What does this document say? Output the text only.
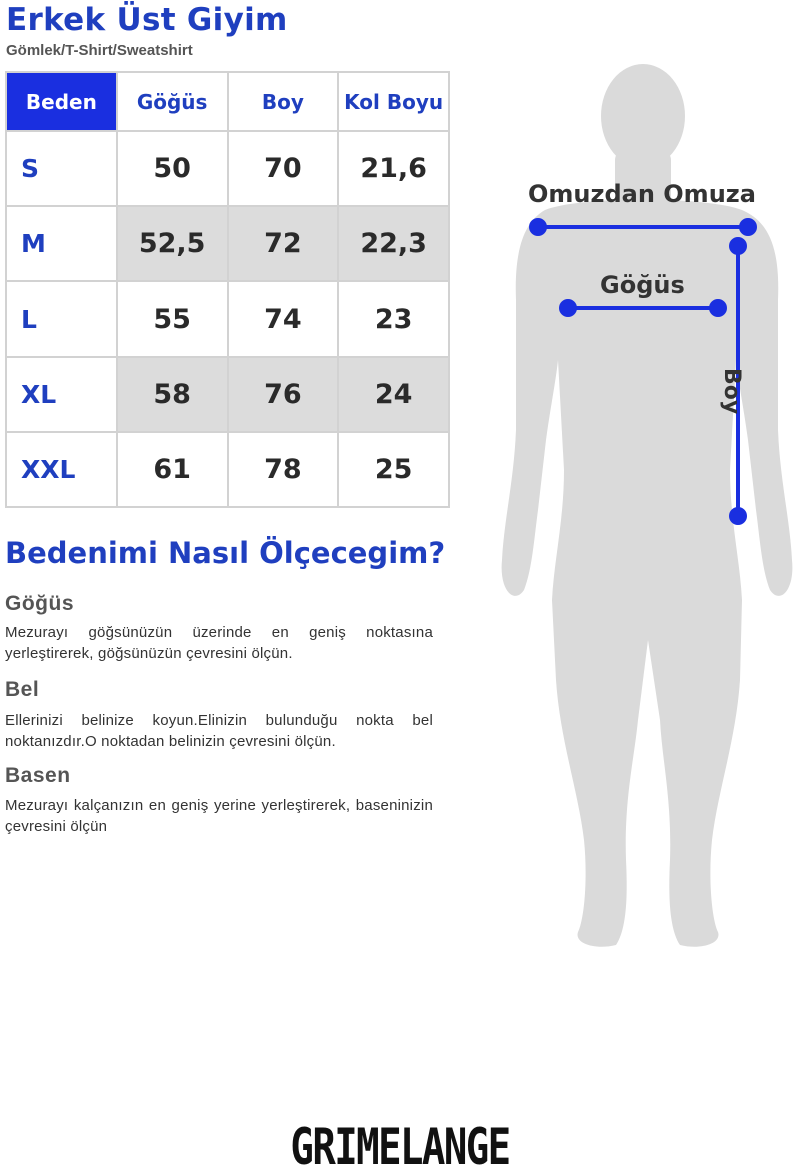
Erkek Üst Giyim
Gömlek/T-Shirt/Sweatshirt
Beden	Göğüs	Boy	Kol Boyu
S	50	70	21,6
M	52,5	72	22,3
L	55	74	23
XL	58	76	24
XXL	61	78	25
Bedenimi Nasıl Ölçecegim?
Göğüs
Mezurayı göğsünüzün üzerinde en geniş noktasına yerleştirerek, göğsünüzün çevresini ölçün.
Bel
Ellerinizi belinize koyun.Elinizin bulunduğu nokta bel noktanızdır.O noktadan belinizin çevresini ölçün.
Basen
Mezurayı kalçanızın en geniş yerine yerleştirerek, baseninizin çevresini ölçün
Omuzdan Omuza
Göğüs
Boy
GRIMELANGE
